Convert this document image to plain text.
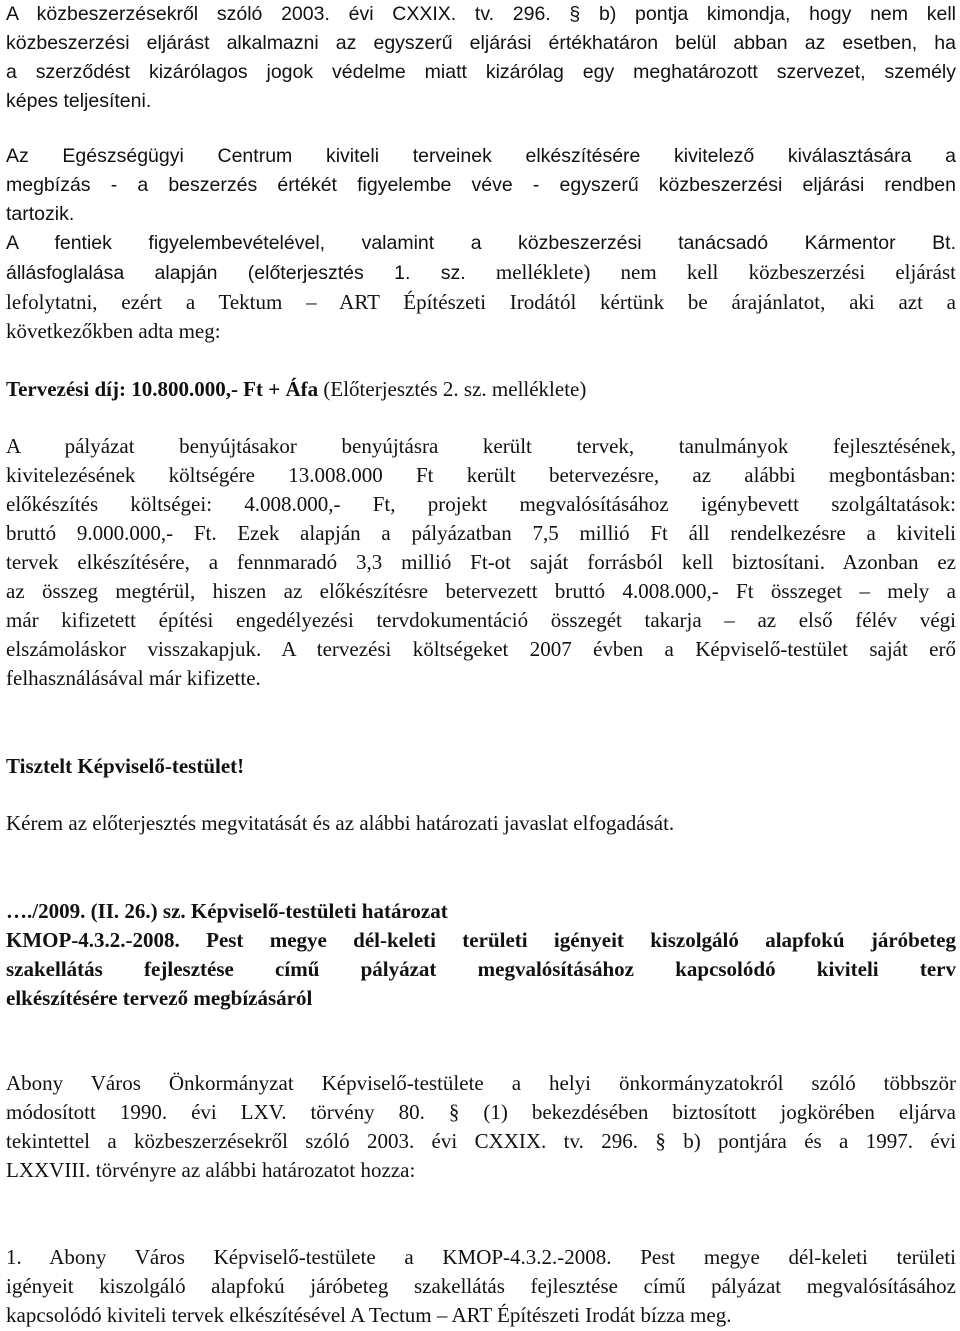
A közbeszerzésekről szóló 2003. évi CXXIX. tv. 296. § b) pontja kimondja, hogy nem kell

közbeszerzési eljárást alkalmazni az egyszerű eljárási értékhatáron belül abban az esetben, ha

a szerződést kizárólagos jogok védelme miatt kizárólag egy meghatározott szervezet, személy

képes teljesíteni.

Az Egészségügyi Centrum kiviteli terveinek elkészítésére kivitelező kiválasztására a

megbízás - a beszerzés értékét figyelembe véve - egyszerű közbeszerzési eljárási rendben

tartozik.

A fentiek figyelembevételével, valamint a közbeszerzési tanácsadó Kármentor Bt.

állásfoglalása alapján (előterjesztés 1. sz. melléklete) nem kell közbeszerzési eljárást

lefolytatni, ezért a Tektum – ART Építészeti Irodától kértünk be árajánlatot, aki azt a

következőkben adta meg:

Tervezési díj: 10.800.000,- Ft + Áfa (Előterjesztés 2. sz. melléklete)

A pályázat benyújtásakor benyújtásra került tervek, tanulmányok fejlesztésének,

kivitelezésének költségére 13.008.000 Ft került betervezésre, az alábbi megbontásban:

előkészítés költségei: 4.008.000,- Ft, projekt megvalósításához igénybevett szolgáltatások:

bruttó 9.000.000,- Ft. Ezek alapján a pályázatban 7,5 millió Ft áll rendelkezésre a kiviteli

tervek elkészítésére, a fennmaradó 3,3 millió Ft-ot saját forrásból kell biztosítani. Azonban ez

az összeg megtérül, hiszen az előkészítésre betervezett bruttó 4.008.000,- Ft összeget – mely a

már kifizetett építési engedélyezési tervdokumentáció összegét takarja – az első félév végi

elszámoláskor visszakapjuk. A tervezési költségeket 2007 évben a Képviselő-testület saját erő

felhasználásával már kifizette.

Tisztelt Képviselő-testület!

Kérem az előterjesztés megvitatását és az alábbi határozati javaslat elfogadását.

…./2009. (II. 26.) sz. Képviselő-testületi határozat

KMOP-4.3.2.-2008. Pest megye dél-keleti területi igényeit kiszolgáló alapfokú járóbeteg

szakellátás fejlesztése című pályázat megvalósításához kapcsolódó kiviteli terv

elkészítésére tervező megbízásáról

Abony Város Önkormányzat Képviselő-testülete a helyi önkormányzatokról szóló többször

módosított 1990. évi LXV. törvény 80. § (1) bekezdésében biztosított jogkörében eljárva

tekintettel a közbeszerzésekről szóló 2003. évi CXXIX. tv. 296. § b) pontjára és a 1997. évi

LXXVIII. törvényre az alábbi határozatot hozza:

1. Abony Város Képviselő-testülete a KMOP-4.3.2.-2008. Pest megye dél-keleti területi

igényeit kiszolgáló alapfokú járóbeteg szakellátás fejlesztése című pályázat megvalósításához

kapcsolódó kiviteli tervek elkészítésével A Tectum – ART Építészeti Irodát bízza meg.
